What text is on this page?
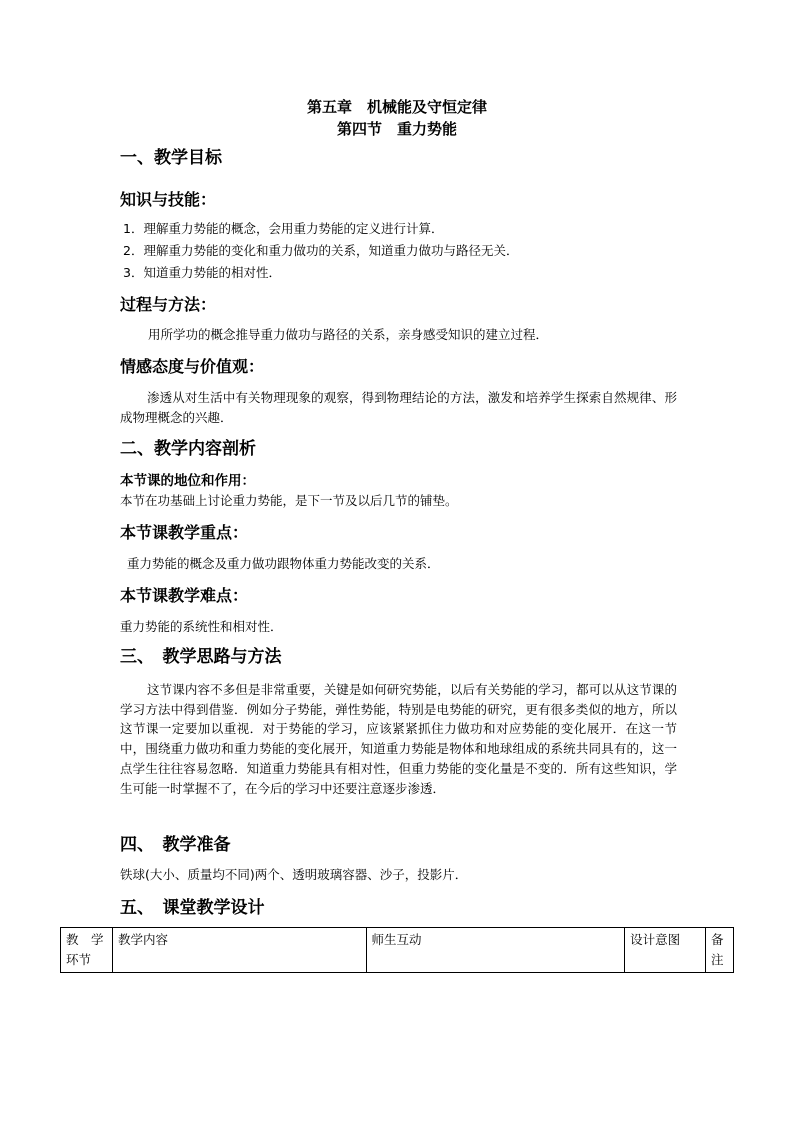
第五章　机械能及守恒定律
第四节　重力势能
一、教学目标
知识与技能：
1．理解重力势能的概念，会用重力势能的定义进行计算．
2．理解重力势能的变化和重力做功的关系，知道重力做功与路径无关．
3．知道重力势能的相对性．
过程与方法：
用所学功的概念推导重力做功与路径的关系，亲身感受知识的建立过程．
情感态度与价值观：
渗透从对生活中有关物理现象的观察，得到物理结论的方法，激发和培养学生探索自然规律、形成物理概念的兴趣．
二、教学内容剖析
本节课的地位和作用：
本节在功基础上讨论重力势能，是下一节及以后几节的铺垫。
本节课教学重点：
重力势能的概念及重力做功跟物体重力势能改变的关系．
本节课教学难点：
重力势能的系统性和相对性．
三、　教学思路与方法
这节课内容不多但是非常重要，关键是如何研究势能，以后有关势能的学习，都可以从这节课的学习方法中得到借鉴．例如分子势能，弹性势能，特别是电势能的研究，更有很多类似的地方，所以这节课一定要加以重视．对于势能的学习，应该紧紧抓住力做功和对应势能的变化展开．在这一节中，围绕重力做功和重力势能的变化展开，知道重力势能是物体和地球组成的系统共同具有的，这一点学生往往容易忽略．知道重力势能具有相对性，但重力势能的变化量是不变的．所有这些知识，学生可能一时掌握不了，在今后的学习中还要注意逐步渗透．
四、　教学准备
铁球(大小、质量均不同)两个、透明玻璃容器、沙子，投影片．
五、　课堂教学设计
教　学环节	教学内容	师生互动	设计意图	备注
